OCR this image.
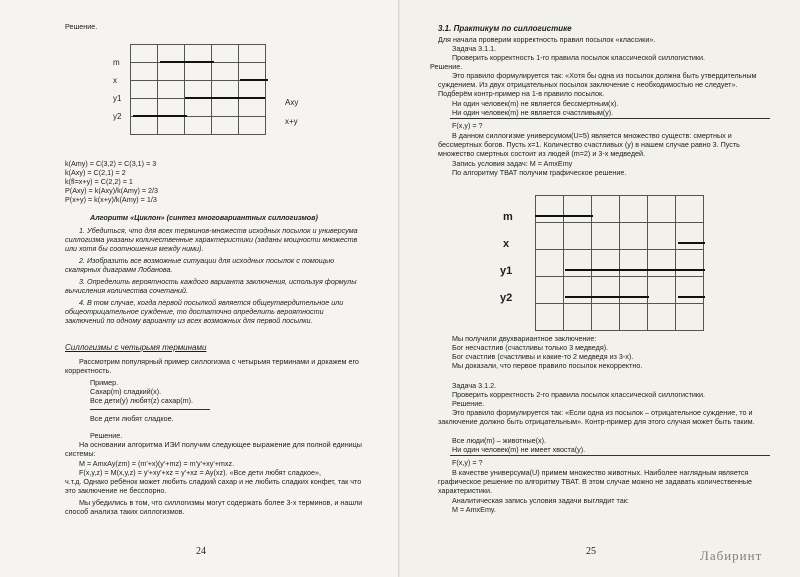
Решение.

m
x
y1
y2
Axy
x+y
k(Amy) = C(3,2) = C(3,1) = 3
k(Axy) = C(2,1) = 2
k(fl=x+y) = C(2,2) = 1
P(Axy) = k(Axy)/k(Amy) = 2/3
P(x+y) = k(x+y)/k(Amy) = 1/3
Алгоритм «Циклон» (синтез многовариантных силлогизмов)
1. Убедиться, что для всех терминов-множеств исходных посылок и универсума силлогизма указаны количественные характеристики (заданы мощности множеств или хотя бы соотношения между ними).
2. Изобразить все возможные ситуации для исходных посылок с помощью скалярных диаграмм Лобанова.
3. Определить вероятность каждого варианта заключения, используя формулы вычисления количества сочетаний.
4. В том случае, когда первой посылкой является общеутвердительное или общеотрицательное суждение, то достаточно определить вероятности заключений по одному варианту из всех возможных для первой посылки.
Силлогизмы с четырьмя терминами
Рассмотрим популярный пример силлогизма с четырьмя терминами и докажем его корректность.
Пример.
Сахар(m) сладкий(x).
Все дети(y) любят(z) сахар(m).
Все дети любят сладкое.
Решение.
На основании алгоритма ИЭИ получим следующее выражение для полной единицы системы:
M = AmxAy(zm) = (m'+x)(y'+mz) = m'y'+xy'+mxz.
F(x,y,z) = M(x,y,z) = y'+xy'+xz = y'+xz = Ay(xz). «Все дети любят сладкое»,
ч.т.д. Однако ребёнок может любить сладкий сахар и не любить сладких конфет, так что это заключение не бесспорно.
Мы убедились в том, что силлогизмы могут содержать более 3-х терминов, и нашли способ анализа таких силлогизмов.
24
3.1. Практикум по силлогистике
Для начала проверим корректность правил посылок «классики».
Задача 3.1.1.
Проверить корректность 1-го правила посылок классической силлогистики.
Решение.
Это правило формулируется так: «Хотя бы одна из посылок должна быть утвердительным суждением. Из двух отрицательных посылок заключение с необходимостью не следует». Подберём контр-пример на 1-в правило посылок.
Ни один человек(m) не является бессмертным(x).
Ни один человек(m) не является счастливым(y).
F(x,y) = ?
В данном силлогизме универсумом(U=5) является множество существ: смертных и бессмертных богов. Пусть x=1. Количество счастливых (y) в нашем случае равно 3. Пусть множество смертных состоит из людей (m=2) и 3-х медведей.
Запись условия задач: M = AmxEmy
По алгоритму ТВАТ получим графическое решение.

m
x
y1
y2
Мы получили двухвариантное заключение:
Бог несчастлив (счастливы только 3 медведя).
Бог счастлив (счастливы и какие-то 2 медведя из 3-х).
Мы доказали, что первое правило посылок некорректно.
Задача 3.1.2.
Проверить корректность 2-го правила посылок классической силлогистики.
Решение.
Это правило формулируется так: «Если одна из посылок – отрицательное суждение, то и заключение должно быть отрицательным». Контр-пример для этого случая может быть таким.
Все люди(m) – животные(x).
Ни один человек(m) не имеет хвоста(y).
F(x,y) = ?
В качестве универсума(U) примем множество животных. Наиболее наглядным является графическое решение по алгоритму ТВАТ. В этом случае можно не задавать количественные характеристики.
Аналитическая запись условия задачи выглядит так:
M = AmxEmy.
25	Лабиринт
